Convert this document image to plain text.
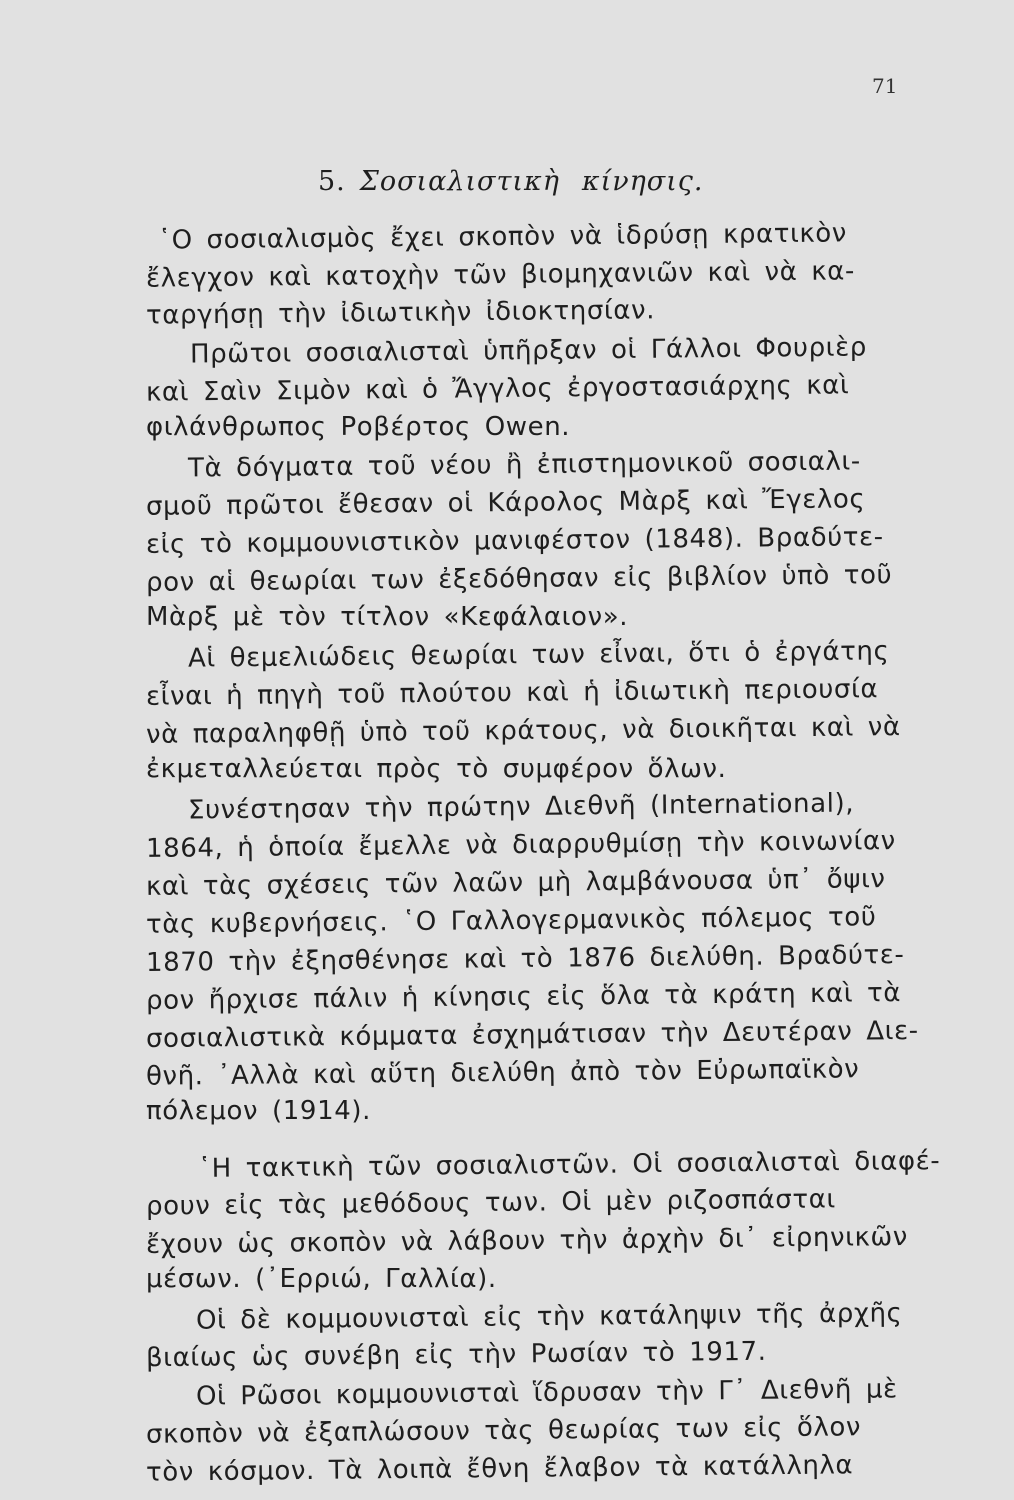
71
5. Σοσιαλιστικὴ κίνησις.
῾Ο σοσιαλισμὸς ἔχει σκοπὸν νὰ ἱδρύσῃ κρατικὸν
ἔλεγχον καὶ κατοχὴν τῶν βιομηχανιῶν καὶ νὰ κα-
ταργήσῃ τὴν ἰδιωτικὴν ἰδιοκτησίαν.
Πρῶτοι σοσιαλισταὶ ὑπῆρξαν οἱ Γάλλοι Φουριὲρ
καὶ Σαὶν Σιμὸν καὶ ὁ Ἄγγλος ἐργοστασιάρχης καὶ
φιλάνθρωπος Ροβέρτος Owen.
Τὰ δόγματα τοῦ νέου ἢ ἐπιστημονικοῦ σοσιαλι-
σμοῦ πρῶτοι ἔθεσαν οἱ Κάρολος Μὰρξ καὶ Ἔγελος
εἰς τὸ κομμουνιστικὸν μανιφέστον (1848). Βραδύτε-
ρον αἱ θεωρίαι των ἐξεδόθησαν εἰς βιβλίον ὑπὸ τοῦ
Μὰρξ μὲ τὸν τίτλον «Κεφάλαιον».
Αἱ θεμελιώδεις θεωρίαι των εἶναι, ὅτι ὁ ἐργάτης
εἶναι ἡ πηγὴ τοῦ πλούτου καὶ ἡ ἰδιωτικὴ περιουσία
νὰ παραληφθῇ ὑπὸ τοῦ κράτους, νὰ διοικῆται καὶ νὰ
ἐκμεταλλεύεται πρὸς τὸ συμφέρον ὅλων.
Συνέστησαν τὴν πρώτην Διεθνῆ (International),
1864, ἡ ὁποία ἔμελλε νὰ διαρρυθμίσῃ τὴν κοινωνίαν
καὶ τὰς σχέσεις τῶν λαῶν μὴ λαμβάνουσα ὑπ᾿ ὄψιν
τὰς κυβερνήσεις. ῾Ο Γαλλογερμανικὸς πόλεμος τοῦ
1870 τὴν ἐξησθένησε καὶ τὸ 1876 διελύθη. Βραδύτε-
ρον ἤρχισε πάλιν ἡ κίνησις εἰς ὅλα τὰ κράτη καὶ τὰ
σοσιαλιστικὰ κόμματα ἐσχημάτισαν τὴν Δευτέραν Διε-
θνῆ. ᾿Αλλὰ καὶ αὕτη διελύθη ἀπὸ τὸν Εὐρωπαϊκὸν
πόλεμον (1914).
῾Η τακτικὴ τῶν σοσιαλιστῶν. Οἱ σοσιαλισταὶ διαφέ-
ρουν εἰς τὰς μεθόδους των. Οἱ μὲν ριζοσπάσται
ἔχουν ὡς σκοπὸν νὰ λάβουν τὴν ἀρχὴν δι᾿ εἰρηνικῶν
μέσων. (᾿Ερριώ, Γαλλία).
Οἱ δὲ κομμουνισταὶ εἰς τὴν κατάληψιν τῆς ἀρχῆς
βιαίως ὡς συνέβη εἰς τὴν Ρωσίαν τὸ 1917.
Οἱ Ρῶσοι κομμουνισταὶ ἵδρυσαν τὴν Γ᾿ Διεθνῆ μὲ
σκοπὸν νὰ ἐξαπλώσουν τὰς θεωρίας των εἰς ὅλον
τὸν κόσμον. Τὰ λοιπὰ ἔθνη ἔλαβον τὰ κατάλληλα
